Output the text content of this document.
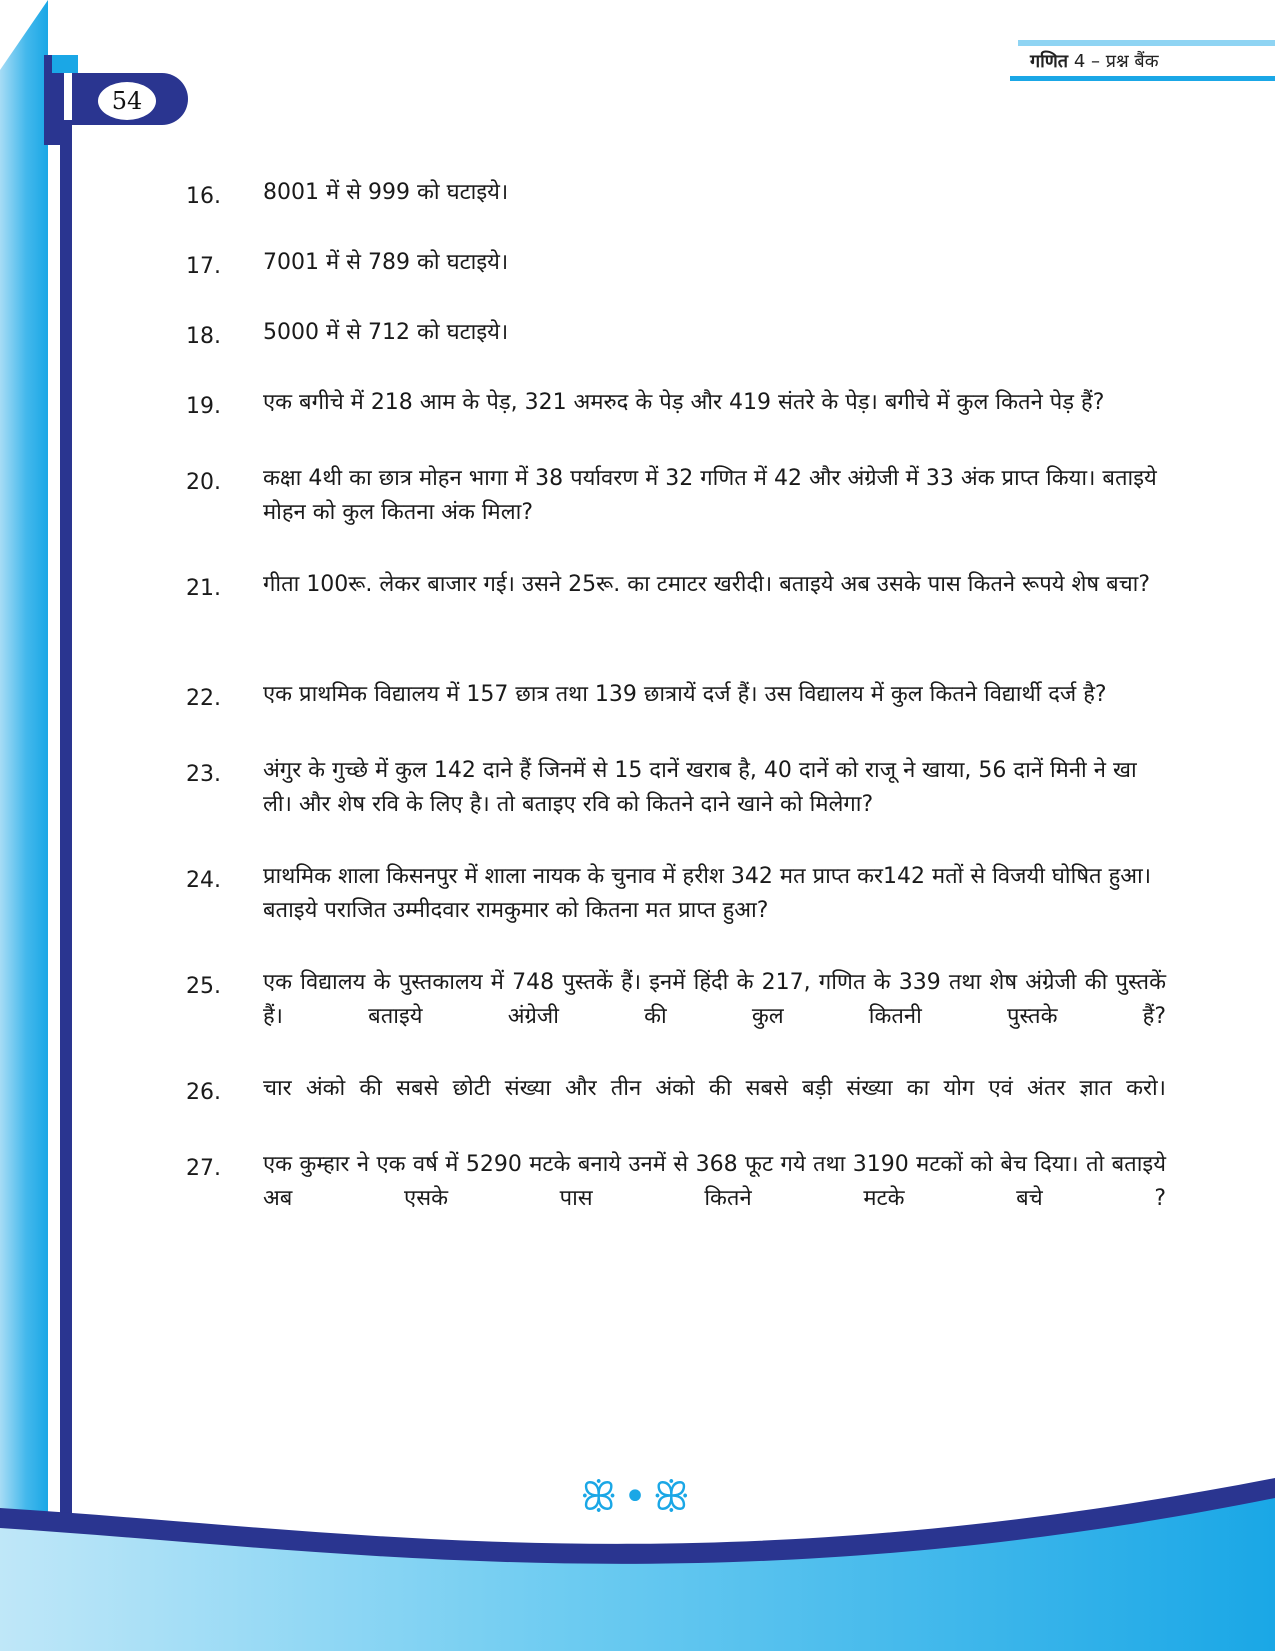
54
गणित 4 – प्रश्न बैंक
16.	8001 में से 999 को घटाइये।
17.	7001 में से 789 को घटाइये।
18.	5000 में से 712 को घटाइये।
19.	एक बगीचे में 218 आम के पेड़, 321 अमरुद के पेड़ और 419 संतरे के पेड़। बगीचे में कुल कितने पेड़ हैं?
20.	कक्षा 4थी का छात्र मोहन भागा में 38 पर्यावरण में 32 गणित में 42 और अंग्रेजी में 33 अंक प्राप्त किया। बताइये मोहन को कुल कितना अंक मिला?
21.	गीता 100रू. लेकर बाजार गई। उसने 25रू. का टमाटर खरीदी। बताइये अब उसके पास कितने रूपये शेष बचा?
22.	एक प्राथमिक विद्यालय में 157 छात्र तथा 139 छात्रायें दर्ज हैं। उस विद्यालय में कुल कितने विद्यार्थी दर्ज है?
23.	अंगुर के गुच्छे में कुल 142 दाने हैं जिनमें से 15 दानें खराब है, 40 दानें को राजू ने खाया, 56 दानें मिनी ने खा ली। और शेष रवि के लिए है। तो बताइए रवि को कितने दाने खाने को मिलेगा?
24.	प्राथमिक शाला किसनपुर में शाला नायक के चुनाव में हरीश 342 मत प्राप्त कर142 मतों से विजयी घोषित हुआ। बताइये पराजित उम्मीदवार रामकुमार को कितना मत प्राप्त हुआ?
25.	एक विद्यालय के पुस्तकालय में 748 पुस्तकें हैं। इनमें हिंदी के 217, गणित के 339 तथा शेष अंग्रेजी की पुस्तकें हैं। बताइये अंग्रेजी की कुल कितनी पुस्तके हैं?
26.	चार अंको की सबसे छोटी संख्या और तीन अंको की सबसे बड़ी संख्या का योग एवं अंतर ज्ञात करो।
27.	एक कुम्हार ने एक वर्ष में 5290 मटके बनाये उनमें से 368 फूट गये तथा 3190 मटकों को बेच दिया। तो बताइये अब एसके पास कितने मटके बचे ?
ꕥ•ꕥ
